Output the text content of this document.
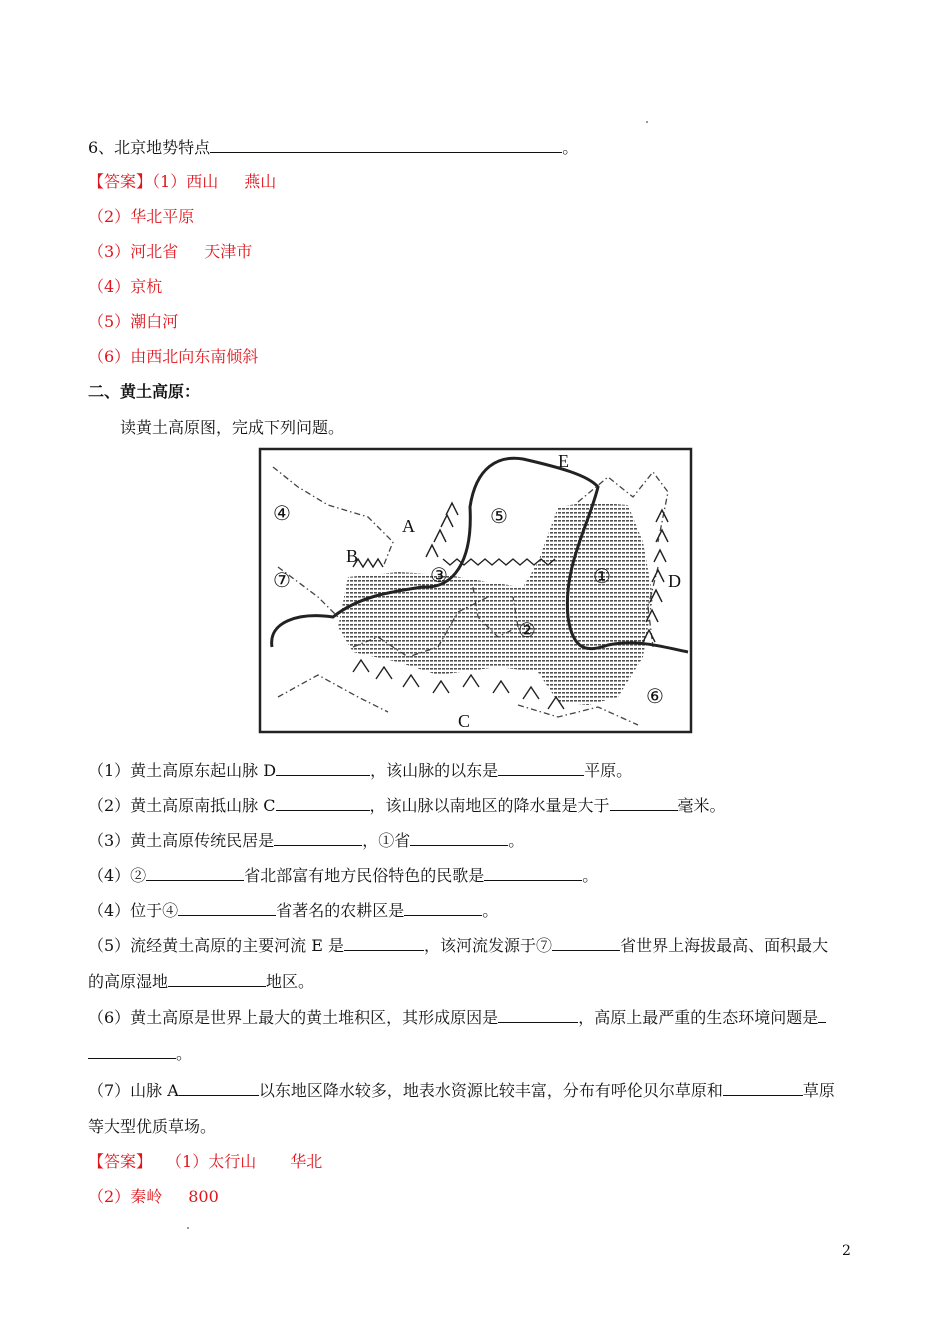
6、北京地势特点	。
【答案】（1）西山 燕山
（2）华北平原
（3）河北省 天津市
（4）京杭
（5）潮白河
（6）由西北向东南倾斜
二、黄土高原：
读黄土高原图，完成下列问题。
A
B
C
D
E
①
②
③
④	⑤
⑥
⑦
（1）黄土高原东起山脉 D	，该山脉的以东是	平原。
（2）黄土高原南抵山脉 C	，该山脉以南地区的降水量是大于	毫米。
（3）黄土高原传统民居是	，①省	。
（4）②	省北部富有地方民俗特色的民歌是	。
（4）位于④	省著名的农耕区是	。
（5）流经黄土高原的主要河流 E 是	，该河流发源于⑦	省世界上海拔最高、面积最大
的高原湿地	地区。
（6）黄土高原是世界上最大的黄土堆积区，其形成原因是	，高原上最严重的生态环境问题是
。
（7）山脉 A	以东地区降水较多，地表水资源比较丰富，分布有呼伦贝尔草原和	草原
等大型优质草场。
【答案】 （1）太行山 华北
（2）秦岭 800
2
